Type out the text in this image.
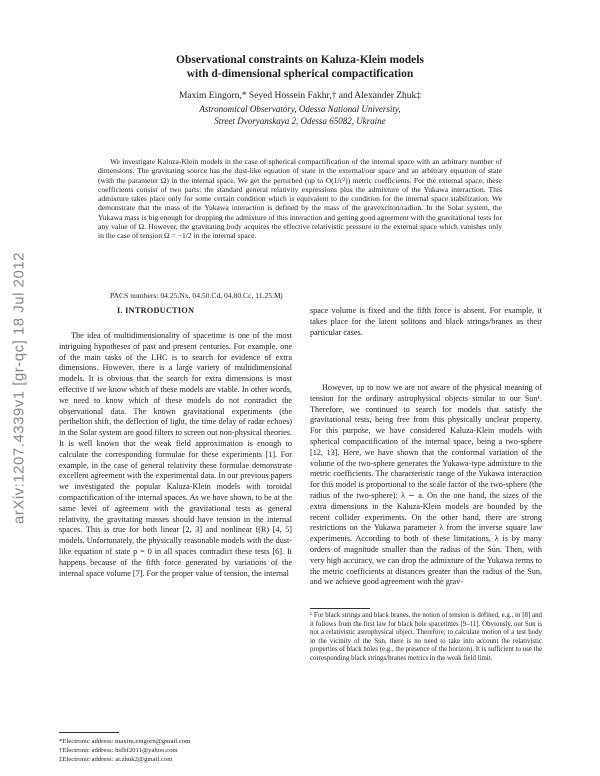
arXiv:1207.4339v1 [gr-qc] 18 Jul 2012
Observational constraints on Kaluza-Klein models
with d-dimensional spherical compactification
Maxim Eingorn,* Seyed Hossein Fakhr,† and Alexander Zhuk‡
Astronomical Observatory, Odessa National University,
Street Dvoryanskaya 2, Odessa 65082, Ukraine

We investigate Kaluza-Klein models in the case of spherical compactification of the internal space with an arbitrary number of dimensions. The gravitating source has the dust-like equation of state in the external/our space and an arbitrary equation of state (with the parameter Ω) in the internal space. We get the perturbed (up to O(1/c²)) metric coefficients. For the external space, these coefficients consist of two parts: the standard general relativity expressions plus the admixture of the Yukawa interaction. This admixture takes place only for some certain condition which is equivalent to the condition for the internal space stabilization. We demonstrate that the mass of the Yukawa interaction is defined by the mass of the gravexciton/radion. In the Solar system, the Yukawa mass is big enough for dropping the admixture of this interaction and getting good agreement with the gravitational tests for any value of Ω. However, the gravitating body acquires the effective relativistic pressure in the external space which vanishes only in the case of tension Ω = −1/2 in the internal space.

PACS numbers: 04.25.Nx, 04.50.Cd, 04.80.Cc, 11.25.Mj
I. INTRODUCTION

The idea of multidimensionality of spacetime is one of the most intriguing hypotheses of past and present centuries. For example, one of the main tasks of the LHC is to search for evidence of extra dimensions. However, there is a large variety of multidimensional models. It is obvious that the search for extra dimensions is most effective if we know which of these models are viable. In other words, we need to know which of these models do not contradict the observational data. The known gravitational experiments (the perihelion shift, the deflection of light, the time delay of radar echoes) in the Solar system are good filters to screen out non-physical theories. It is well known that the weak field approximation is enough to calculate the corresponding formulae for these experiments [1]. For example, in the case of general relativity these formulae demonstrate excellent agreement with the experimental data. In our previous papers we investigated the popular Kaluza-Klein models with toroidal compactification of the internal spaces. As we have shown, to be at the same level of agreement with the gravitational tests as general relativity, the gravitating masses should have tension in the internal spaces. This is true for both linear [2, 3] and nonlinear f(R) [4, 5] models. Unfortunately, the physically reasonable models with the dust-like equation of state p = 0 in all spaces contradict these tests [6]. It happens because of the fifth force generated by variations of the internal space volume [7]. For the proper value of tension, the internal

space volume is fixed and the fifth force is absent. For example, it takes place for the latent solitons and black strings/branes as their particular cases.

However, up to now we are not aware of the physical meaning of tension for the ordinary astrophysical objects similar to our Sun¹. Therefore, we continued to search for models that satisfy the gravitational tests, being free from this physically unclear property. For this purpose, we have considered Kaluza-Klein models with spherical compactification of the internal space, being a two-sphere [12, 13]. Here, we have shown that the conformal variation of the volume of the two-sphere generates the Yukawa-type admixture to the metric coefficients. The characteristic range of the Yukawa interaction for this model is proportional to the scale factor of the two-sphere (the radius of the two-sphere): λ ∼ a. On the one hand, the sizes of the extra dimensions in the Kaluza-Klein models are bounded by the recent collider experiments. On the other hand, there are strong restrictions on the Yukawa parameter λ from the inverse square law experiments. According to both of these limitations, λ is by many orders of magnitude smaller than the radius of the Sun. Then, with very high accuracy, we can drop the admixture of the Yukawa terms to the metric coefficients at distances greater than the radius of the Sun, and we achieve good agreement with the grav-

¹ For black strings and black branes, the notion of tension is defined, e.g., in [8] and it follows from the first law for black hole spacetimes [9–11]. Obviously, our Sun is not a relativistic astrophysical object. Therefore, to calculate motion of a test body in the vicinity of the Sun, there is no need to take into account the relativistic properties of black holes (e.g., the presence of the horizon). It is sufficient to use the corresponding black strings/branes metrics in the weak field limit.

*Electronic address: maxim.eingorn@gmail.com
†Electronic address: hsfhf2011@yahoo.com
‡Electronic address: ai.zhuk2@gmail.com
